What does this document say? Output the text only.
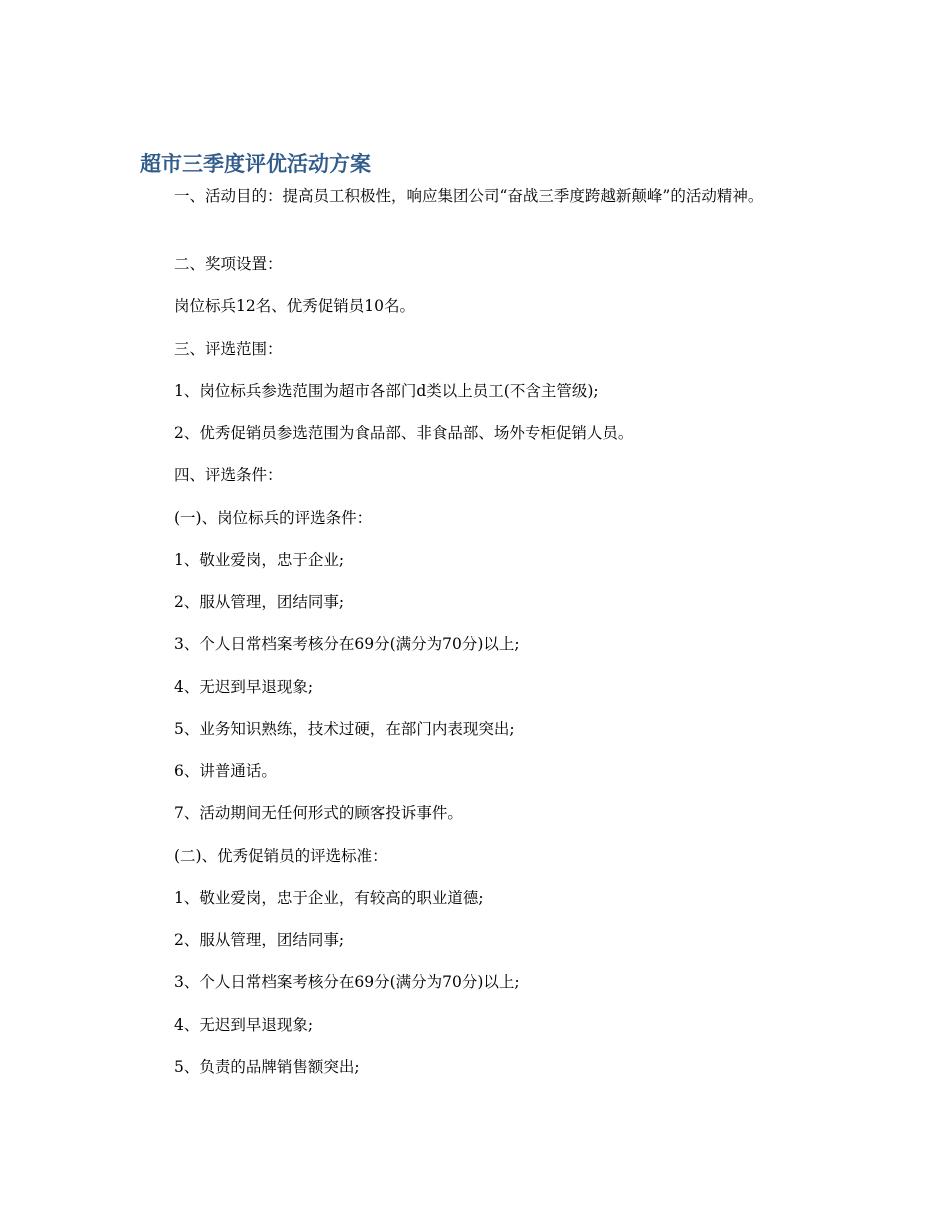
超市三季度评优活动方案

一、活动目的：提高员工积极性，响应集团公司“奋战三季度跨越新颠峰”的活动精神。

二、奖项设置：

岗位标兵12名、优秀促销员10名。

三、评选范围：

1、岗位标兵参选范围为超市各部门d类以上员工(不含主管级);

2、优秀促销员参选范围为食品部、非食品部、场外专柜促销人员。

四、评选条件：

(一)、岗位标兵的评选条件：

1、敬业爱岗，忠于企业;

2、服从管理，团结同事;

3、个人日常档案考核分在69分(满分为70分)以上;

4、无迟到早退现象;

5、业务知识熟练，技术过硬，在部门内表现突出;

6、讲普通话。

7、活动期间无任何形式的顾客投诉事件。

(二)、优秀促销员的评选标准：

1、敬业爱岗，忠于企业，有较高的职业道德;

2、服从管理，团结同事;

3、个人日常档案考核分在69分(满分为70分)以上;

4、无迟到早退现象;

5、负责的品牌销售额突出;
